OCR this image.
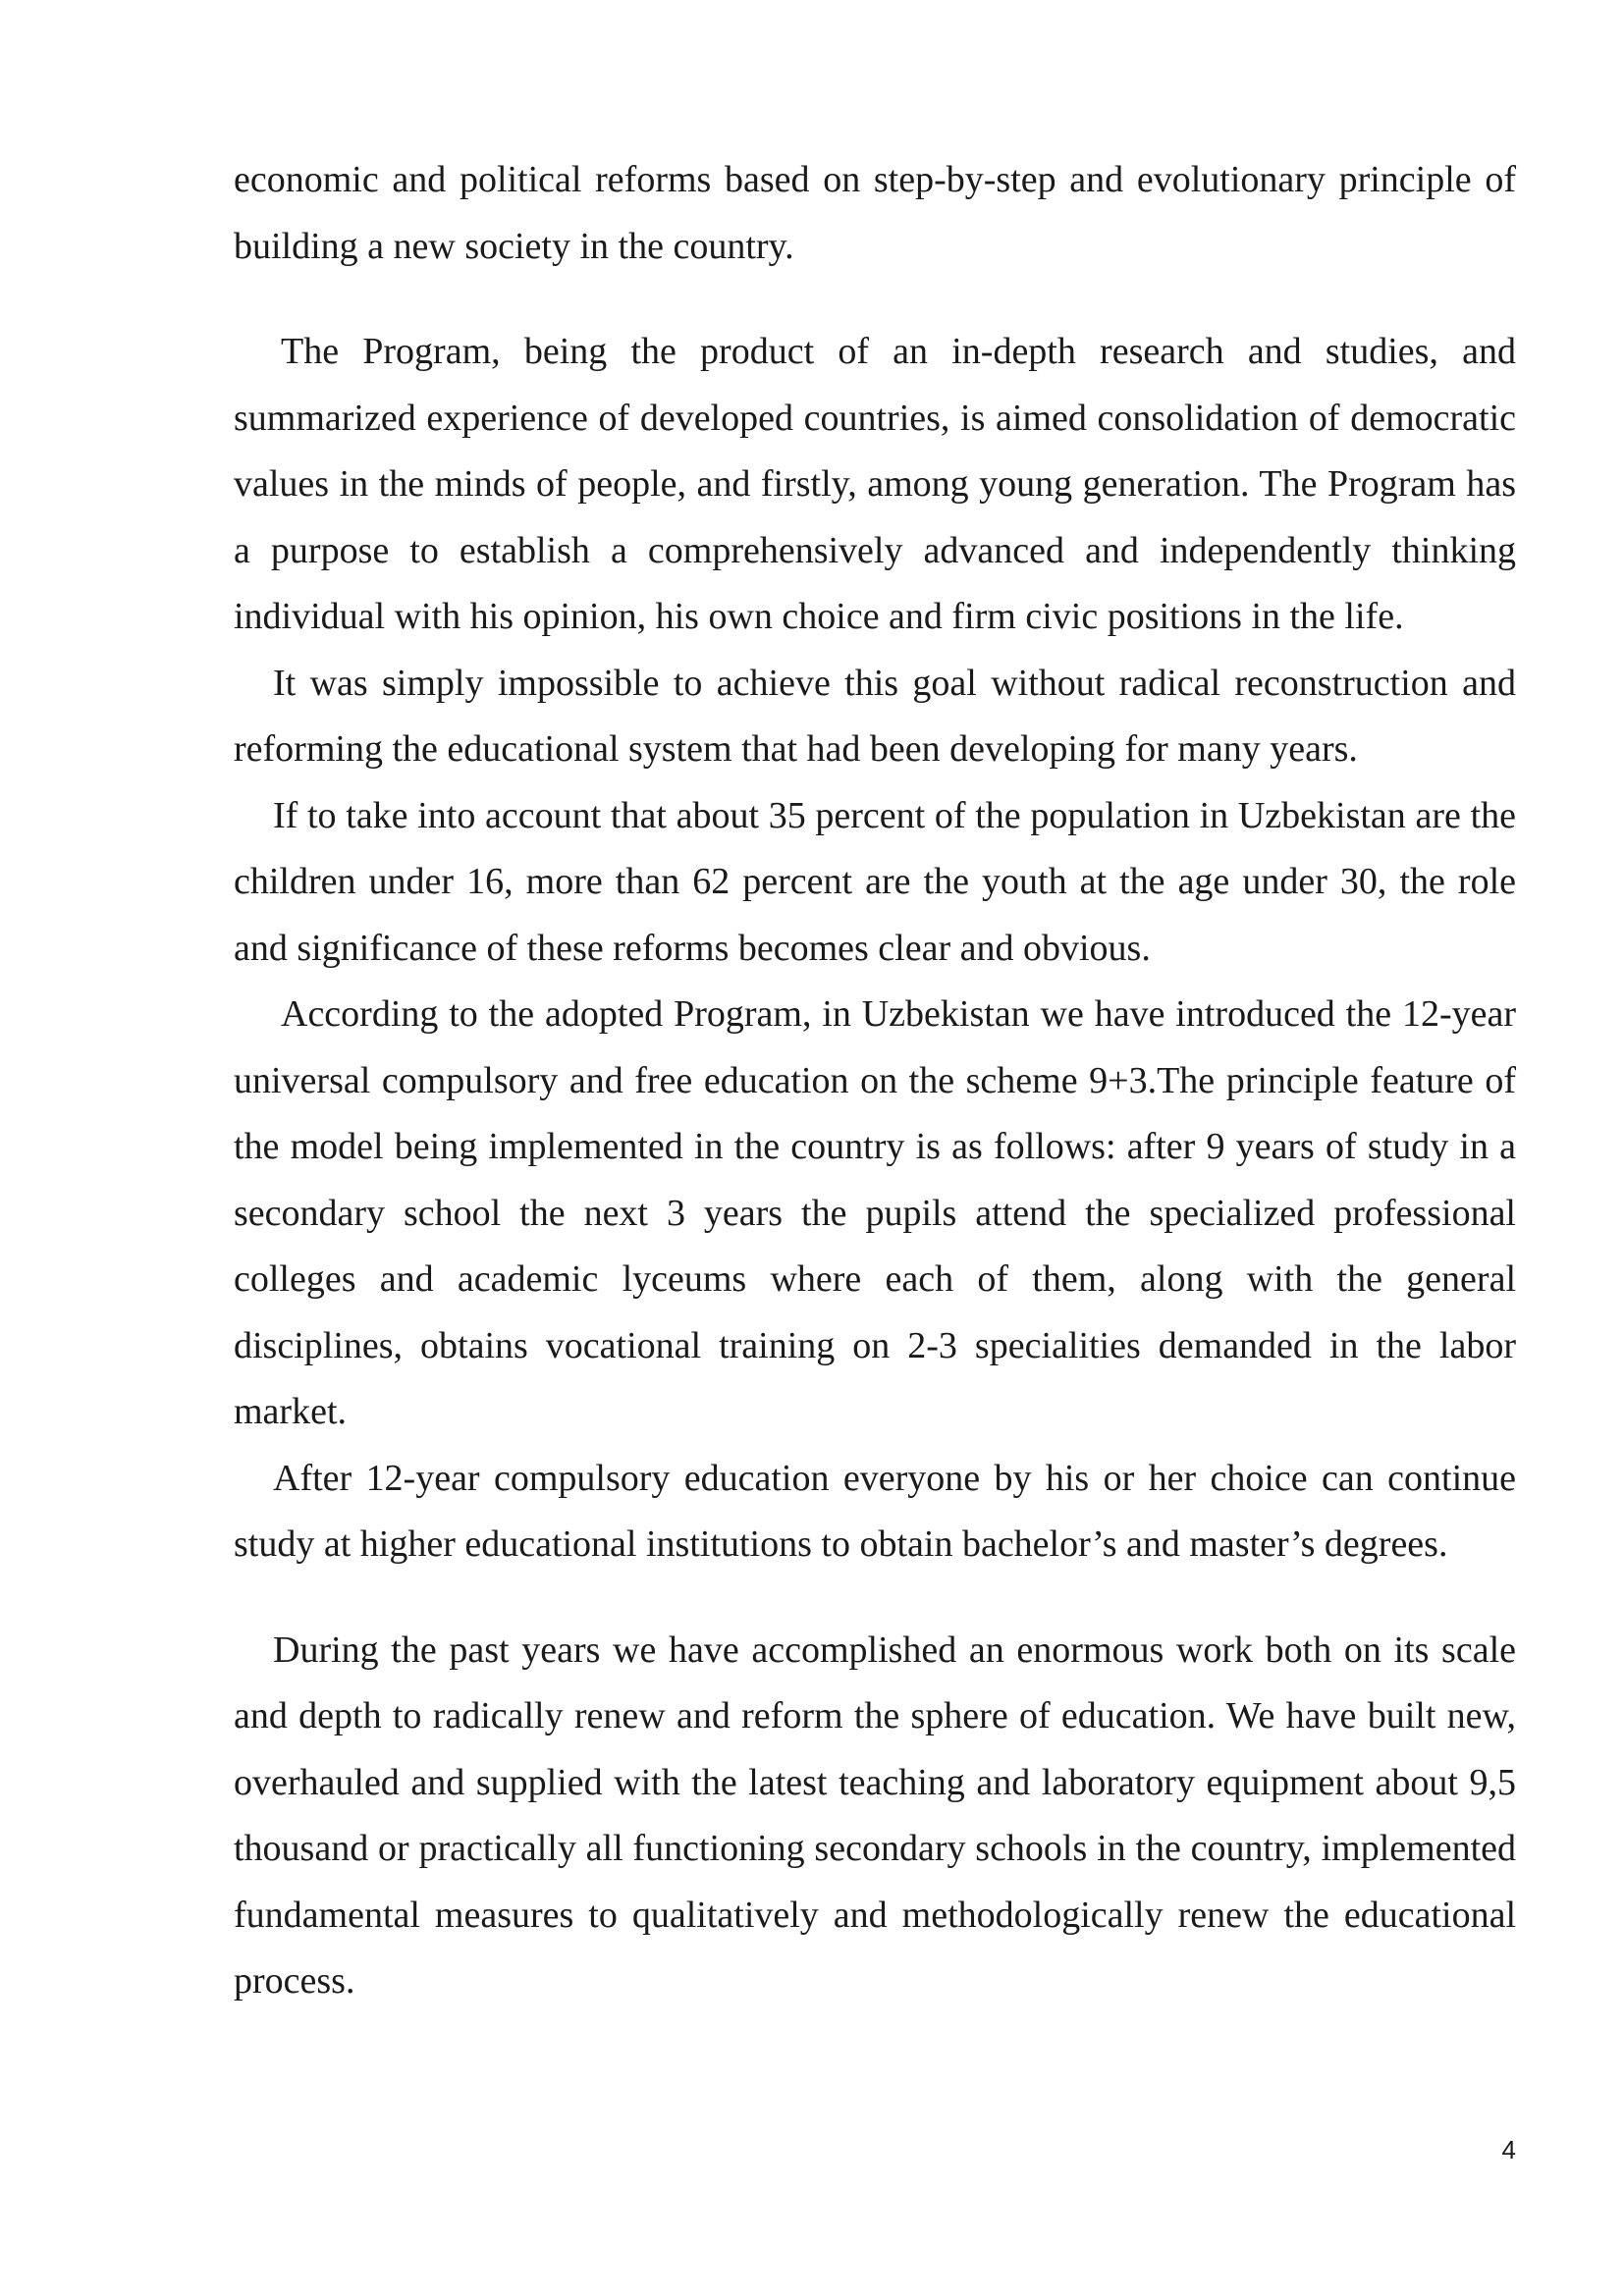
economic and political reforms based on step-by-step and evolutionary principle of building a new society in the country.

The Program, being the product of an in-depth research and studies, and summarized experience of developed countries, is aimed consolidation of democratic values in the minds of people, and firstly, among young generation. The Program has a purpose to establish a comprehensively advanced and independently thinking individual with his opinion, his own choice and firm civic positions in the life.

It was simply impossible to achieve this goal without radical reconstruction and reforming the educational system that had been developing for many years.

If to take into account that about 35 percent of the population in Uzbekistan are the children under 16, more than 62 percent are the youth at the age under 30, the role and significance of these reforms becomes clear and obvious.

According to the adopted Program, in Uzbekistan we have introduced the 12-year universal compulsory and free education on the scheme 9+3.The principle feature of the model being implemented in the country is as follows: after 9 years of study in a secondary school the next 3 years the pupils attend the specialized professional colleges and academic lyceums where each of them, along with the general disciplines, obtains vocational training on 2-3 specialities demanded in the labor market.

After 12-year compulsory education everyone by his or her choice can continue study at higher educational institutions to obtain bachelor’s and master’s degrees.

During the past years we have accomplished an enormous work both on its scale and depth to radically renew and reform the sphere of education. We have built new, overhauled and supplied with the latest teaching and laboratory equipment about 9,5 thousand or practically all functioning secondary schools in the country, implemented fundamental measures to qualitatively and methodologically renew the educational process.

4
